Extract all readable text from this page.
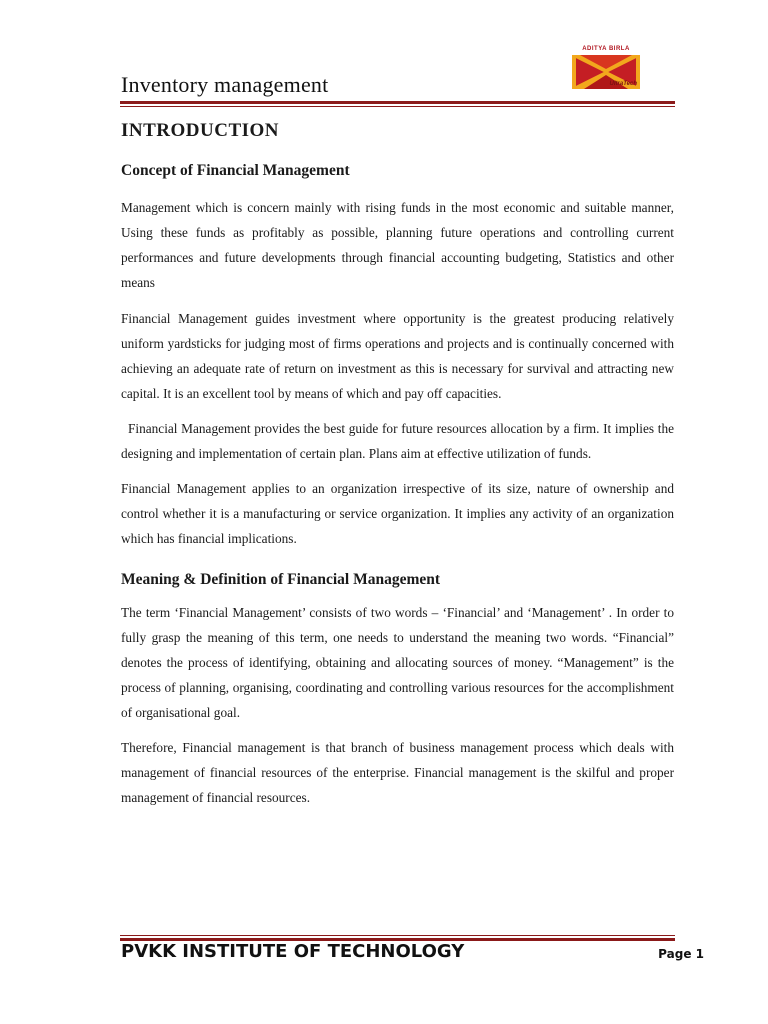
Inventory management
ADITYA BIRLA
UltraTech
INTRODUCTION
Concept of Financial Management

Management which is concern mainly with rising funds in the most economic and suitable manner, Using these funds as profitably as possible, planning future operations and controlling current performances and future developments through financial accounting budgeting, Statistics and other means

Financial Management guides investment where opportunity is the greatest producing relatively uniform yardsticks for judging most of firms operations and projects and is continually concerned with achieving an adequate rate of return on investment as this is necessary for survival and attracting new capital. It is an excellent tool by means of which and pay off capacities.

Financial Management provides the best guide for future resources allocation by a firm. It implies the designing and implementation of certain plan. Plans aim at effective utilization of funds.

Financial Management applies to an organization irrespective of its size, nature of ownership and control whether it is a manufacturing or service organization. It implies any activity of an organization which has financial implications.

Meaning & Definition of Financial Management

The term ‘Financial Management’ consists of two words – ‘Financial’ and ‘Management’ . In order to fully grasp the meaning of this term, one needs to understand the meaning two words. “Financial” denotes the process of identifying, obtaining and allocating sources of money. “Management” is the process of planning, organising, coordinating and controlling various resources for the accomplishment of organisational goal.

Therefore, Financial management is that branch of business management process which deals with management of financial resources of the enterprise. Financial management is the skilful and proper management of financial resources.

PVKK INSTITUTE OF TECHNOLOGY	Page 1
